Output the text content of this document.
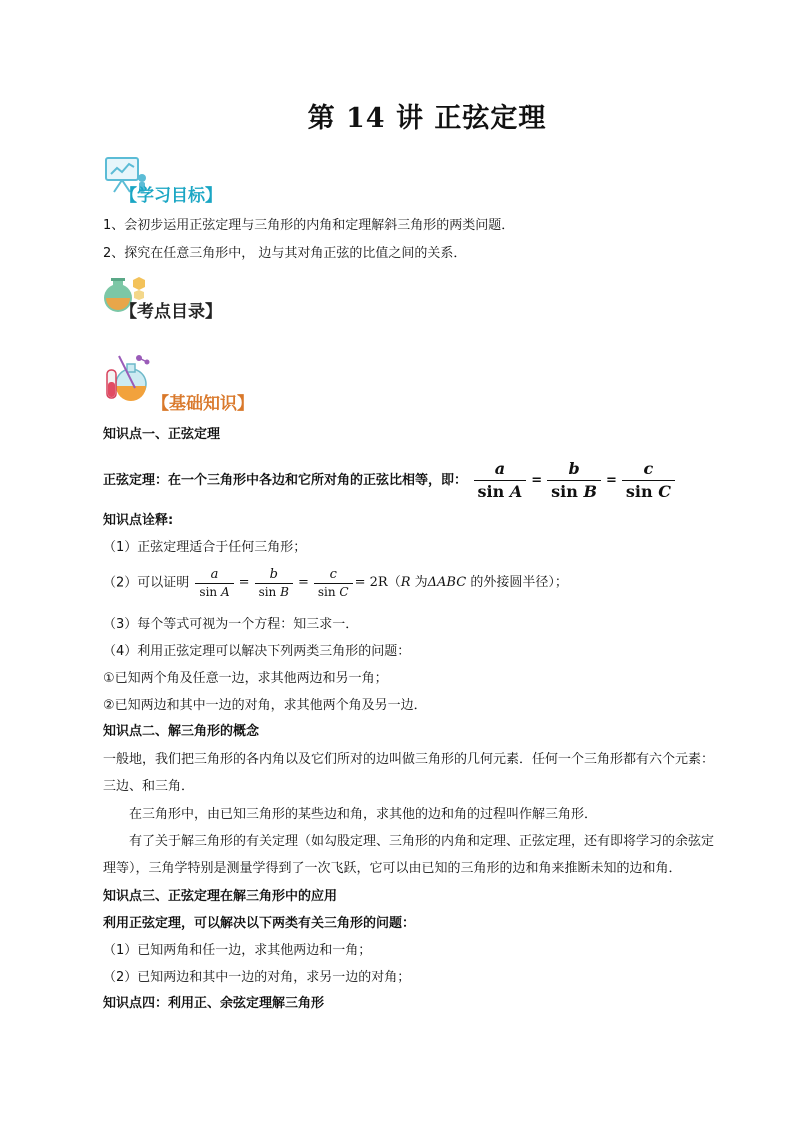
第 14 讲 正弦定理
【学习目标】
1、会初步运用正弦定理与三角形的内角和定理解斜三角形的两类问题．
2、探究在任意三角形中， 边与其对角正弦的比值之间的关系．
【考点目录】
【基础知识】
知识点一、正弦定理
正弦定理：在一个三角形中各边和它所对角的正弦比相等，即： $\frac{a}{\text{sin A}} = \frac{b}{\text{sin B}} = \frac{c}{\text{sin C}}$
知识点诠释:
（1）正弦定理适合于任何三角形；
（2）可以证明 $\frac{a}{\text{sin A}} = \frac{b}{\text{sin B}} = \frac{c}{\text{sin C}} = 2R(R$ 为ΔABC 的外接圆半径）；
（3）每个等式可视为一个方程：知三求一．
（4）利用正弦定理可以解决下列两类三角形的问题：
①已知两个角及任意一边，求其他两边和另一角；
②已知两边和其中一边的对角，求其他两个角及另一边．
知识点二、解三角形的概念
一般地，我们把三角形的各内角以及它们所对的边叫做三角形的几何元素．任何一个三角形都有六个元素：三边、和三角．
在三角形中，由已知三角形的某些边和角，求其他的边和角的过程叫作解三角形．
有了关于解三角形的有关定理（如勾股定理、三角形的内角和定理、正弦定理，还有即将学习的余弦定理等），三角学特别是测量学得到了一次飞跃，它可以由已知的三角形的边和角来推断未知的边和角．
知识点三、正弦定理在解三角形中的应用
利用正弦定理，可以解决以下两类有关三角形的问题：
（1）已知两角和任一边，求其他两边和一角；
（2）已知两边和其中一边的对角，求另一边的对角；
知识点四：利用正、余弦定理解三角形
